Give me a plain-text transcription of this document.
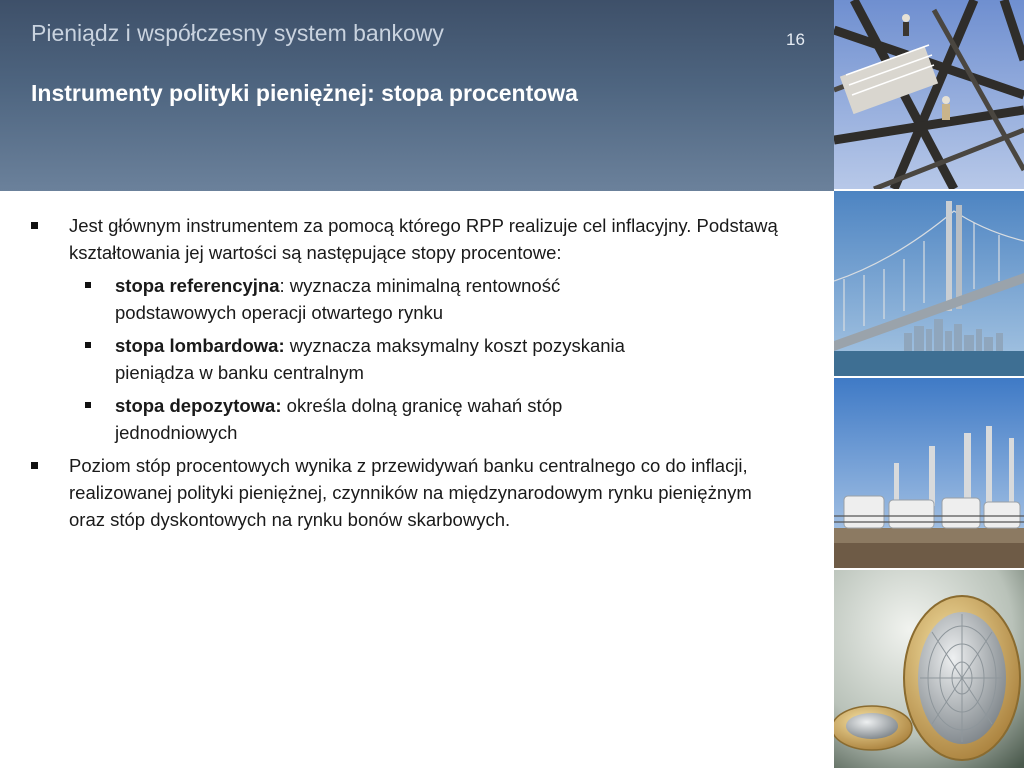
Pieniądz i współczesny system bankowy	16
Instrumenty polityki pieniężnej: stopa procentowa
Jest głównym instrumentem za pomocą którego RPP realizuje cel inflacyjny. Podstawą kształtowania jej wartości są następujące stopy procentowe:
stopa referencyjna: wyznacza minimalną rentowność podstawowych operacji otwartego rynku
stopa lombardowa: wyznacza maksymalny koszt pozyskania pieniądza w banku centralnym
stopa depozytowa: określa dolną granicę wahań stóp jednodniowych
Poziom stóp procentowych wynika z przewidywań banku centralnego co do inflacji, realizowanej polityki pieniężnej, czynników na międzynarodowym rynku pieniężnym oraz stóp dyskontowych na rynku bonów skarbowych.
